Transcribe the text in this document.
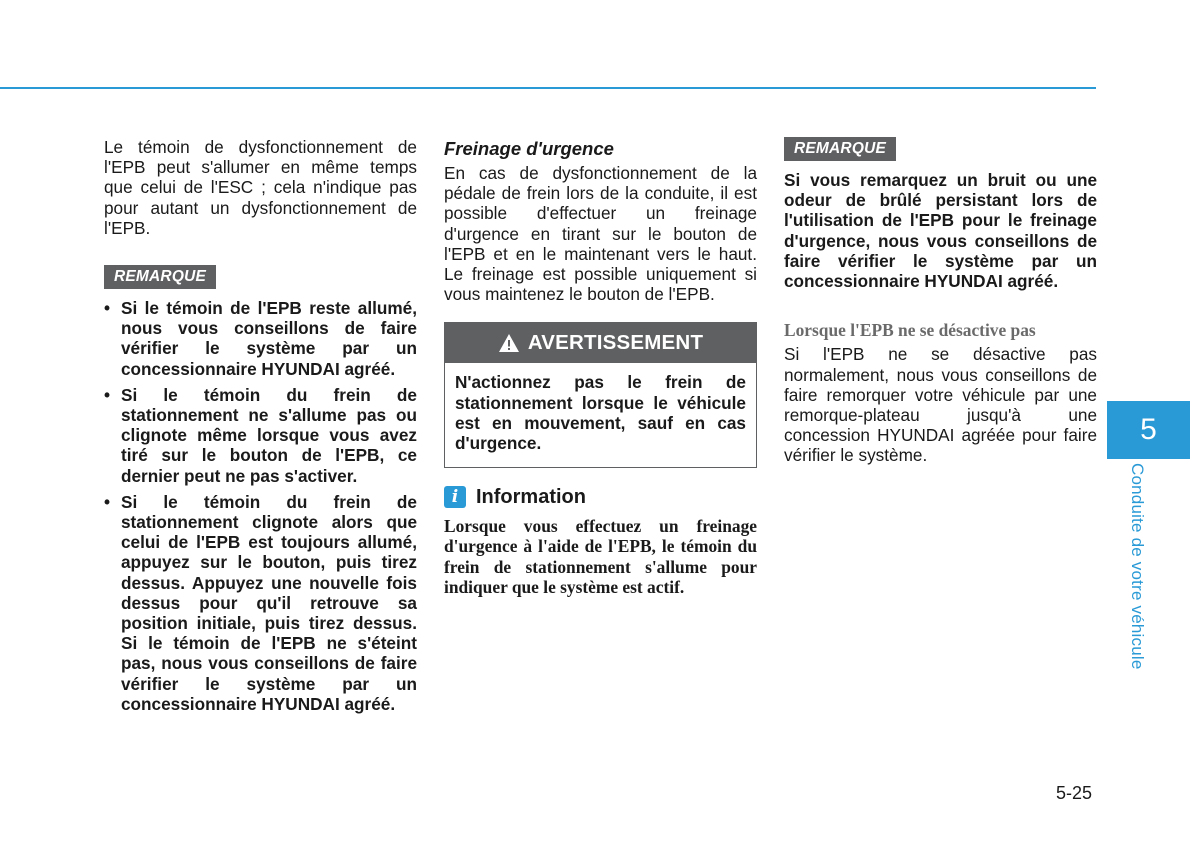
Le témoin de dysfonctionnement de l'EPB peut s'allumer en même temps que celui de l'ESC ; cela n'indique pas pour autant un dysfonctionnement de l'EPB.

REMARQUE
• Si le témoin de l'EPB reste allumé, nous vous conseillons de faire vérifier le système par un concessionnaire HYUNDAI agréé.
• Si le témoin du frein de stationnement ne s'allume pas ou clignote même lorsque vous avez tiré sur le bouton de l'EPB, ce dernier peut ne pas s'activer.
• Si le témoin du frein de stationnement clignote alors que celui de l'EPB est toujours allumé, appuyez sur le bouton, puis tirez dessus. Appuyez une nouvelle fois dessus pour qu'il retrouve sa position initiale, puis tirez dessus. Si le témoin de l'EPB ne s'éteint pas, nous vous conseillons de faire vérifier le système par un concessionnaire HYUNDAI agréé.
Freinage d'urgence

En cas de dysfonctionnement de la pédale de frein lors de la conduite, il est possible d'effectuer un freinage d'urgence en tirant sur le bouton de l'EPB et en le maintenant vers le haut. Le freinage est possible uniquement si vous maintenez le bouton de l'EPB.

AVERTISSEMENT
N'actionnez pas le frein de stationnement lorsque le véhicule est en mouvement, sauf en cas d'urgence.
i Information

Lorsque vous effectuez un freinage d'urgence à l'aide de l'EPB, le témoin du frein de stationnement s'allume pour indiquer que le système est actif.

REMARQUE

Si vous remarquez un bruit ou une odeur de brûlé persistant lors de l'utilisation de l'EPB pour le freinage d'urgence, nous vous conseillons de faire vérifier le système par un concessionnaire HYUNDAI agréé.

Lorsque l'EPB ne se désactive pas

Si l'EPB ne se désactive pas normalement, nous vous conseillons de faire remorquer votre véhicule par une remorque-plateau jusqu'à une concession HYUNDAI agréée pour faire vérifier le système.

5
Conduite de votre véhicule
5-25
